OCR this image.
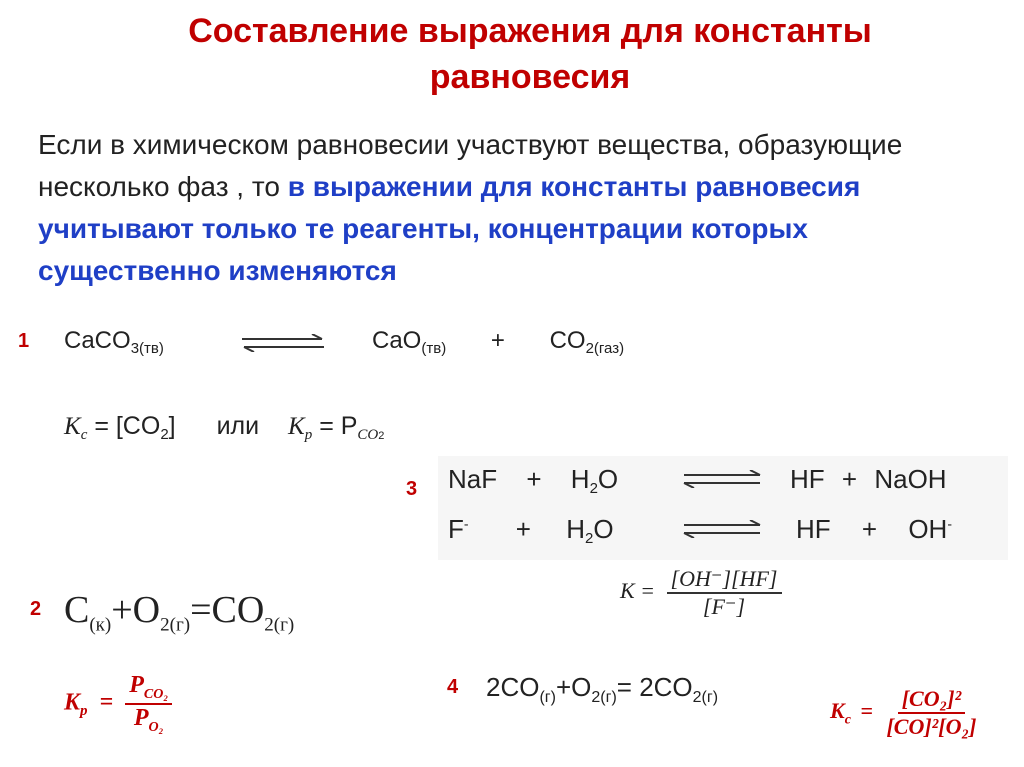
Составление выражения для константы
равновесия
Если в химическом равновесии участвуют вещества, образующие несколько фаз , то в выражении для константы равновесия учитывают только те реагенты, концентрации которых существенно изменяются
1 CaCO$_{3(тв)}$	$CaO_{(тв)} + CO_{2(газ)}$
$K_c = [CO_2]$ или $K_p = P_{CO2}$
3 NaF + $H_2O$	HF + NaOH
$F^- + H_2O$	HF + OH-
$K = \frac{[OH^-][HF]}{[F^-]}$
2 $C_{(к)}+O_{2(г)}=CO_{2(г)}$
$K_p = \frac{P_{CO_2}}{P_{O_2}}$	4 $2CO_{(г)}+O_{2(г)}= 2CO_{2(г)}$
$K_c = \frac{\text{[CO₂]²}}{\text{[CO]²[O₂]}}$
